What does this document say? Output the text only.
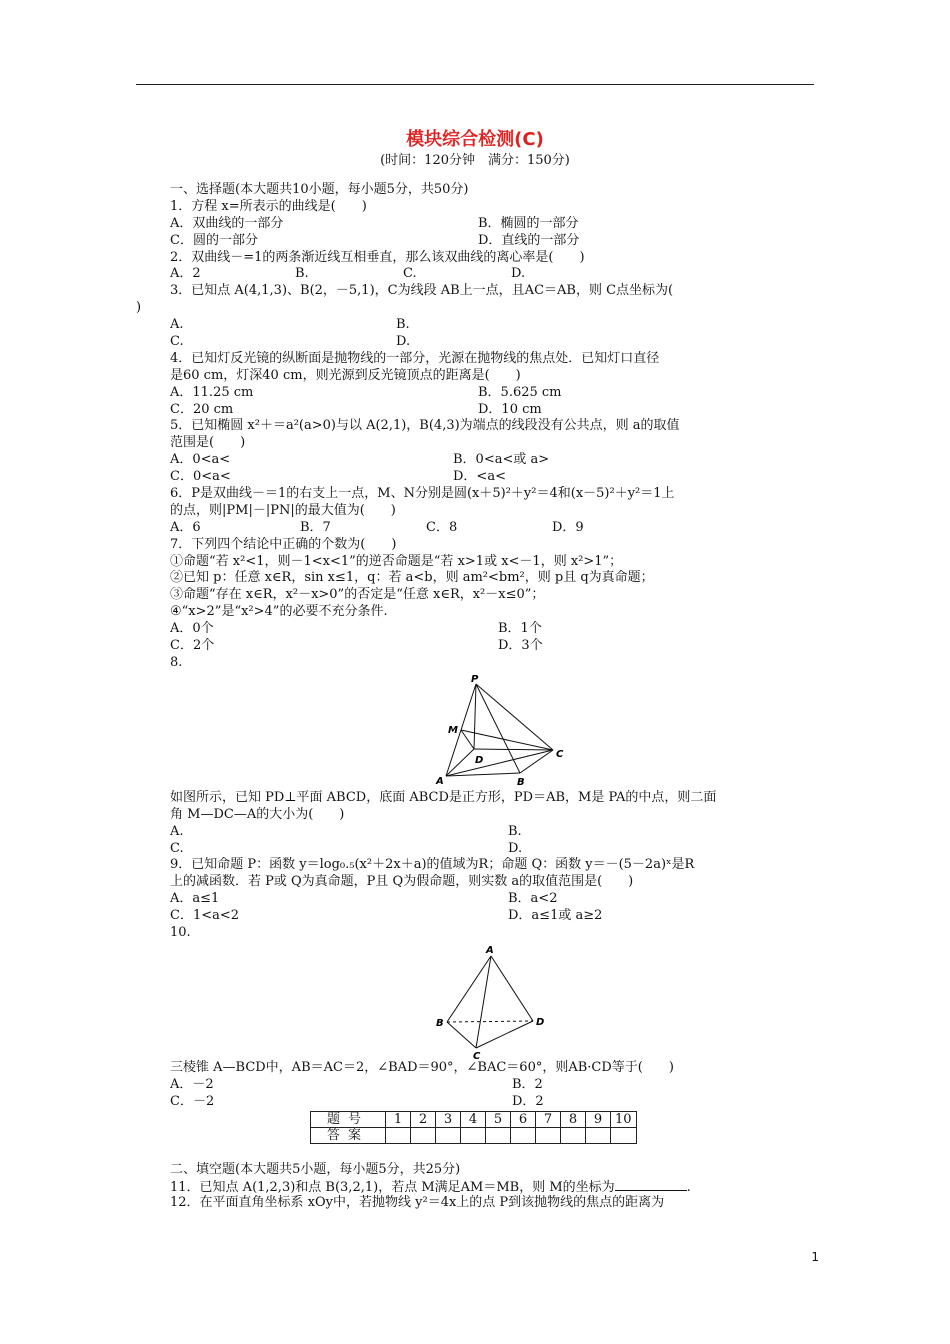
模块综合检测(C)
(时间：120分钟　满分：150分)
一、选择题(本大题共10小题，每小题5分，共50分)
1．方程 x=所表示的曲线是(　　)
A．双曲线的一部分	B．椭圆的一部分
C．圆的一部分	D．直线的一部分
2．双曲线－=1的两条渐近线互相垂直，那么该双曲线的离心率是(　　)
A．2	B.	C.	D.
3．已知点 A(4,1,3)、B(2，－5,1)，C为线段 AB上一点，且AC＝AB，则 C点坐标为(
)
A.	B.
C.	D.
4．已知灯反光镜的纵断面是抛物线的一部分，光源在抛物线的焦点处．已知灯口直径
是60 cm，灯深40 cm，则光源到反光镜顶点的距离是(　　)
A．11.25 cm	B．5.625 cm
C．20 cm	D．10 cm
5．已知椭圆 x²＋＝a²(a>0)与以 A(2,1)，B(4,3)为端点的线段没有公共点，则 a的取值
范围是(　　)
A．0<a<	B．0<a<或 a>
C．0<a<	D．<a<
6．P是双曲线－＝1的右支上一点，M、N分别是圆(x＋5)²＋y²＝4和(x－5)²＋y²＝1上
的点，则|PM|－|PN|的最大值为(　　)
A．6	B．7	C．8	D．9
7．下列四个结论中正确的个数为(　　)
①命题“若 x²<1，则－1<x<1”的逆否命题是“若 x>1或 x<－1，则 x²>1”；
②已知 p：任意 x∈R，sin x≤1，q：若 a<b，则 am²<bm²，则 p且 q为真命题；
③命题“存在 x∈R，x²－x>0”的否定是“任意 x∈R，x²－x≤0”；
④“x>2”是“x²>4”的必要不充分条件.
A．0个	B．1个
C．2个	D．3个
8.
P
M
D
C
A	B
如图所示，已知 PD⊥平面 ABCD，底面 ABCD是正方形，PD＝AB，M是 PA的中点，则二面
角 M—DC—A的大小为(　　)
A.	B.
C.	D.
9．已知命题 P：函数 y＝log₀.₅(x²＋2x＋a)的值域为R；命题 Q：函数 y＝－(5－2a)ˣ是R
上的减函数．若 P或 Q为真命题，P且 Q为假命题，则实数 a的取值范围是(　　)
A．a≤1	B．a<2
C．1<a<2	D．a≤1或 a≥2
10.
A
B
C
D
三棱锥 A—BCD中，AB＝AC＝2，∠BAD＝90°，∠BAC＝60°，则AB·CD等于(　　)
A．－2	B．2
C．－2	D．2
题号	1	2	3	4	5	6	7	8	9	10
答案										
二、填空题(本大题共5小题，每小题5分，共25分)
11．已知点 A(1,2,3)和点 B(3,2,1)，若点 M满足AM＝MB，则 M的坐标为	.
12．在平面直角坐标系 xOy中，若抛物线 y²＝4x上的点 P到该抛物线的焦点的距离为
1
